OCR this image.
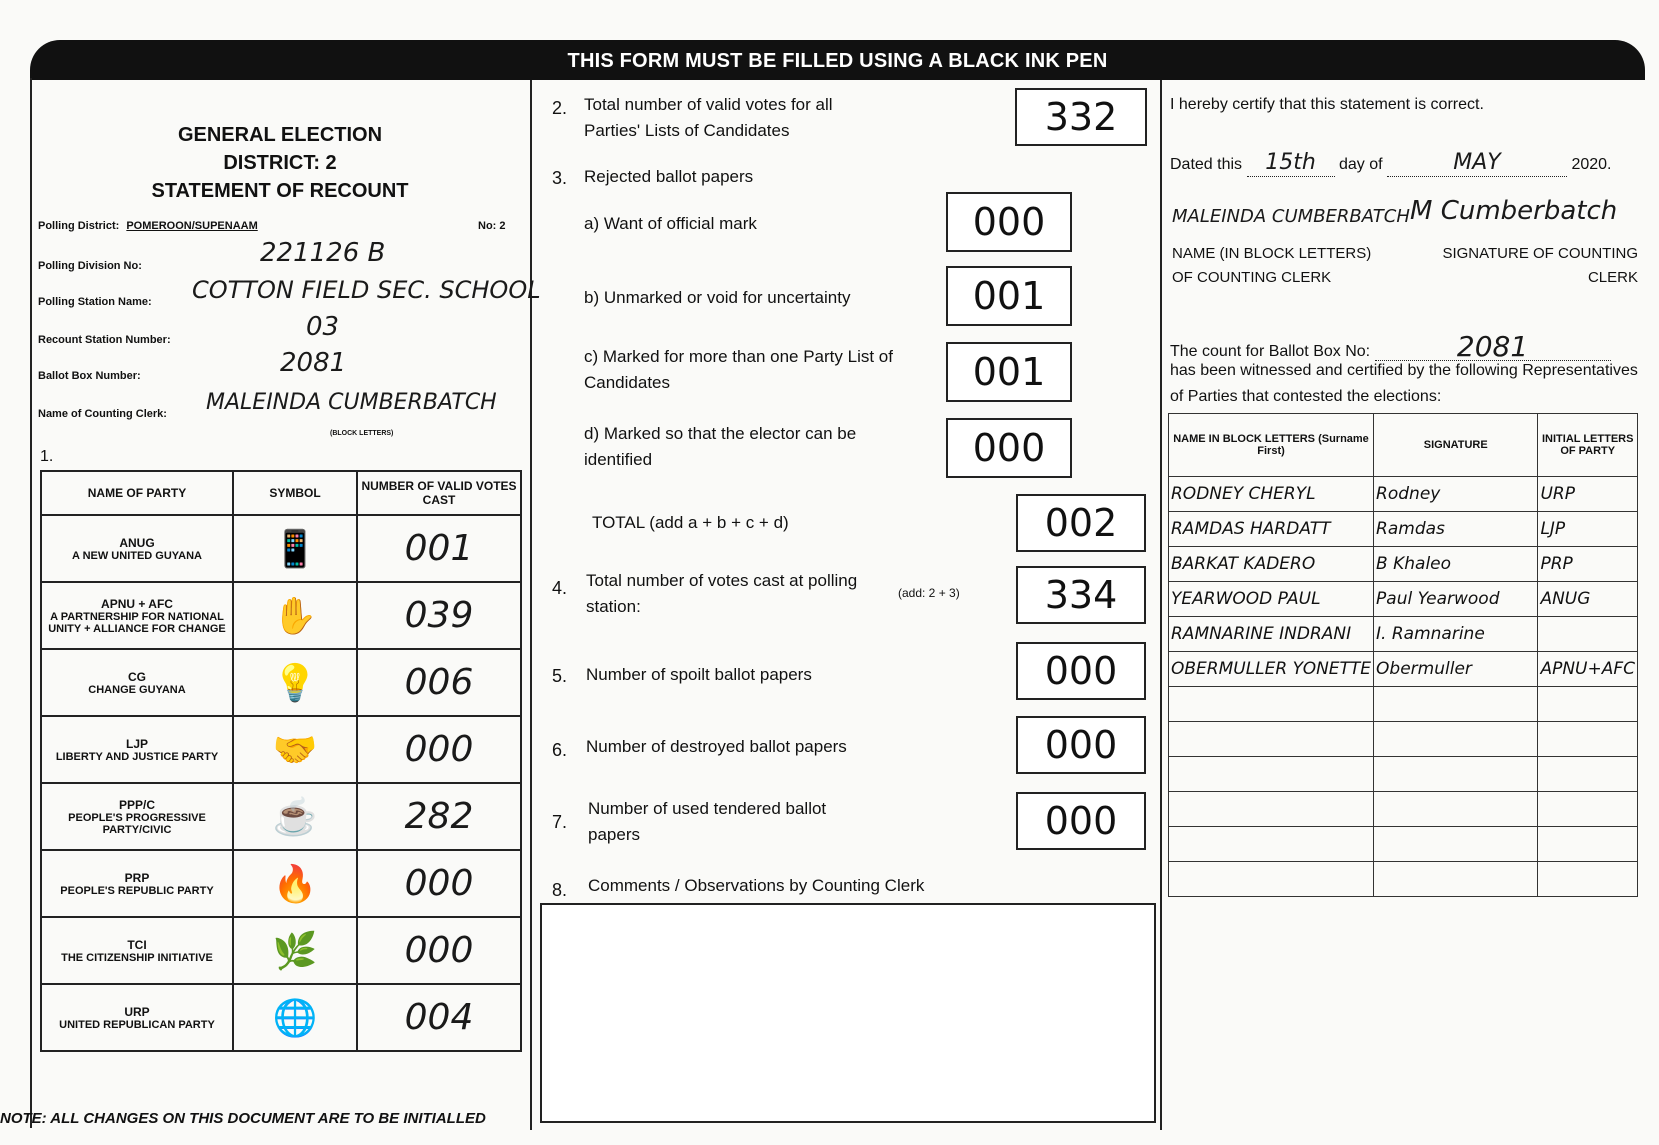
THIS FORM MUST BE FILLED USING A BLACK INK PEN
GENERAL ELECTION
DISTRICT: 2
STATEMENT OF RECOUNT
Polling District: POMEROON/SUPENAAM	No: 2
Polling Division No:	221126 B
Polling Station Name: COTTON FIELD SEC. SCHOOL
Recount Station Number:	03
Ballot Box Number:	2081
Name of Counting Clerk: MALEINDA CUMBERBATCH
(BLOCK LETTERS)
1.
NAME OF PARTY	SYMBOL	NUMBER OF VALID VOTES CAST

ANUG
A NEW UNITED GUYANA	📱	001

APNU + AFC
A PARTNERSHIP FOR NATIONAL UNITY + ALLIANCE FOR CHANGE	✋	039

CG
CHANGE GUYANA	💡	006

LJP
LIBERTY AND JUSTICE PARTY	🤝	000

PPP/C
PEOPLE'S PROGRESSIVE PARTY/CIVIC	☕	282

PRP
PEOPLE'S REPUBLIC PARTY	🔥	000

TCI
THE CITIZENSHIP INITIATIVE	🌿	000

URP
UNITED REPUBLICAN PARTY	🌐	004
2. Total number of valid votes for all Parties' Lists of Candidates	332
3. Rejected ballot papers
a) Want of official mark	000
b) Unmarked or void for uncertainty	001
c) Marked for more than one Party List of Candidates	001
d) Marked so that the elector can be identified	000
TOTAL (add a + b + c + d)	002
4. Total number of votes cast at polling station:
(add: 2 + 3)	334
5. Number of spoilt ballot papers	000
6. Number of destroyed ballot papers	000
7.
Number of used tendered ballot papers	000
8. Comments / Observations by Counting Clerk
I hereby certify that this statement is correct.
Dated this 15th day of	MAY	2020.
MALEINDA CUMBERBATCH M Cumberbatch
NAME (IN BLOCK LETTERS) OF COUNTING CLERK
SIGNATURE OF COUNTING CLERK
The count for Ballot Box No:	2081
has been witnessed and certified by the following Representatives of Parties that contested the elections:
NAME IN BLOCK LETTERS (Surname First)	SIGNATURE	INITIAL LETTERS OF PARTY
RODNEY CHERYL	Rodney	URP
RAMDAS HARDATT	Ramdas	LJP
BARKAT KADERO	B Khaleo	PRP
YEARWOOD PAUL	Paul Yearwood	ANUG
RAMNARINE INDRANI	I. Ramnarine	
OBERMULLER YONETTE	Obermuller	APNU+AFC

NOTE: ALL CHANGES ON THIS DOCUMENT ARE TO BE INITIALLED
